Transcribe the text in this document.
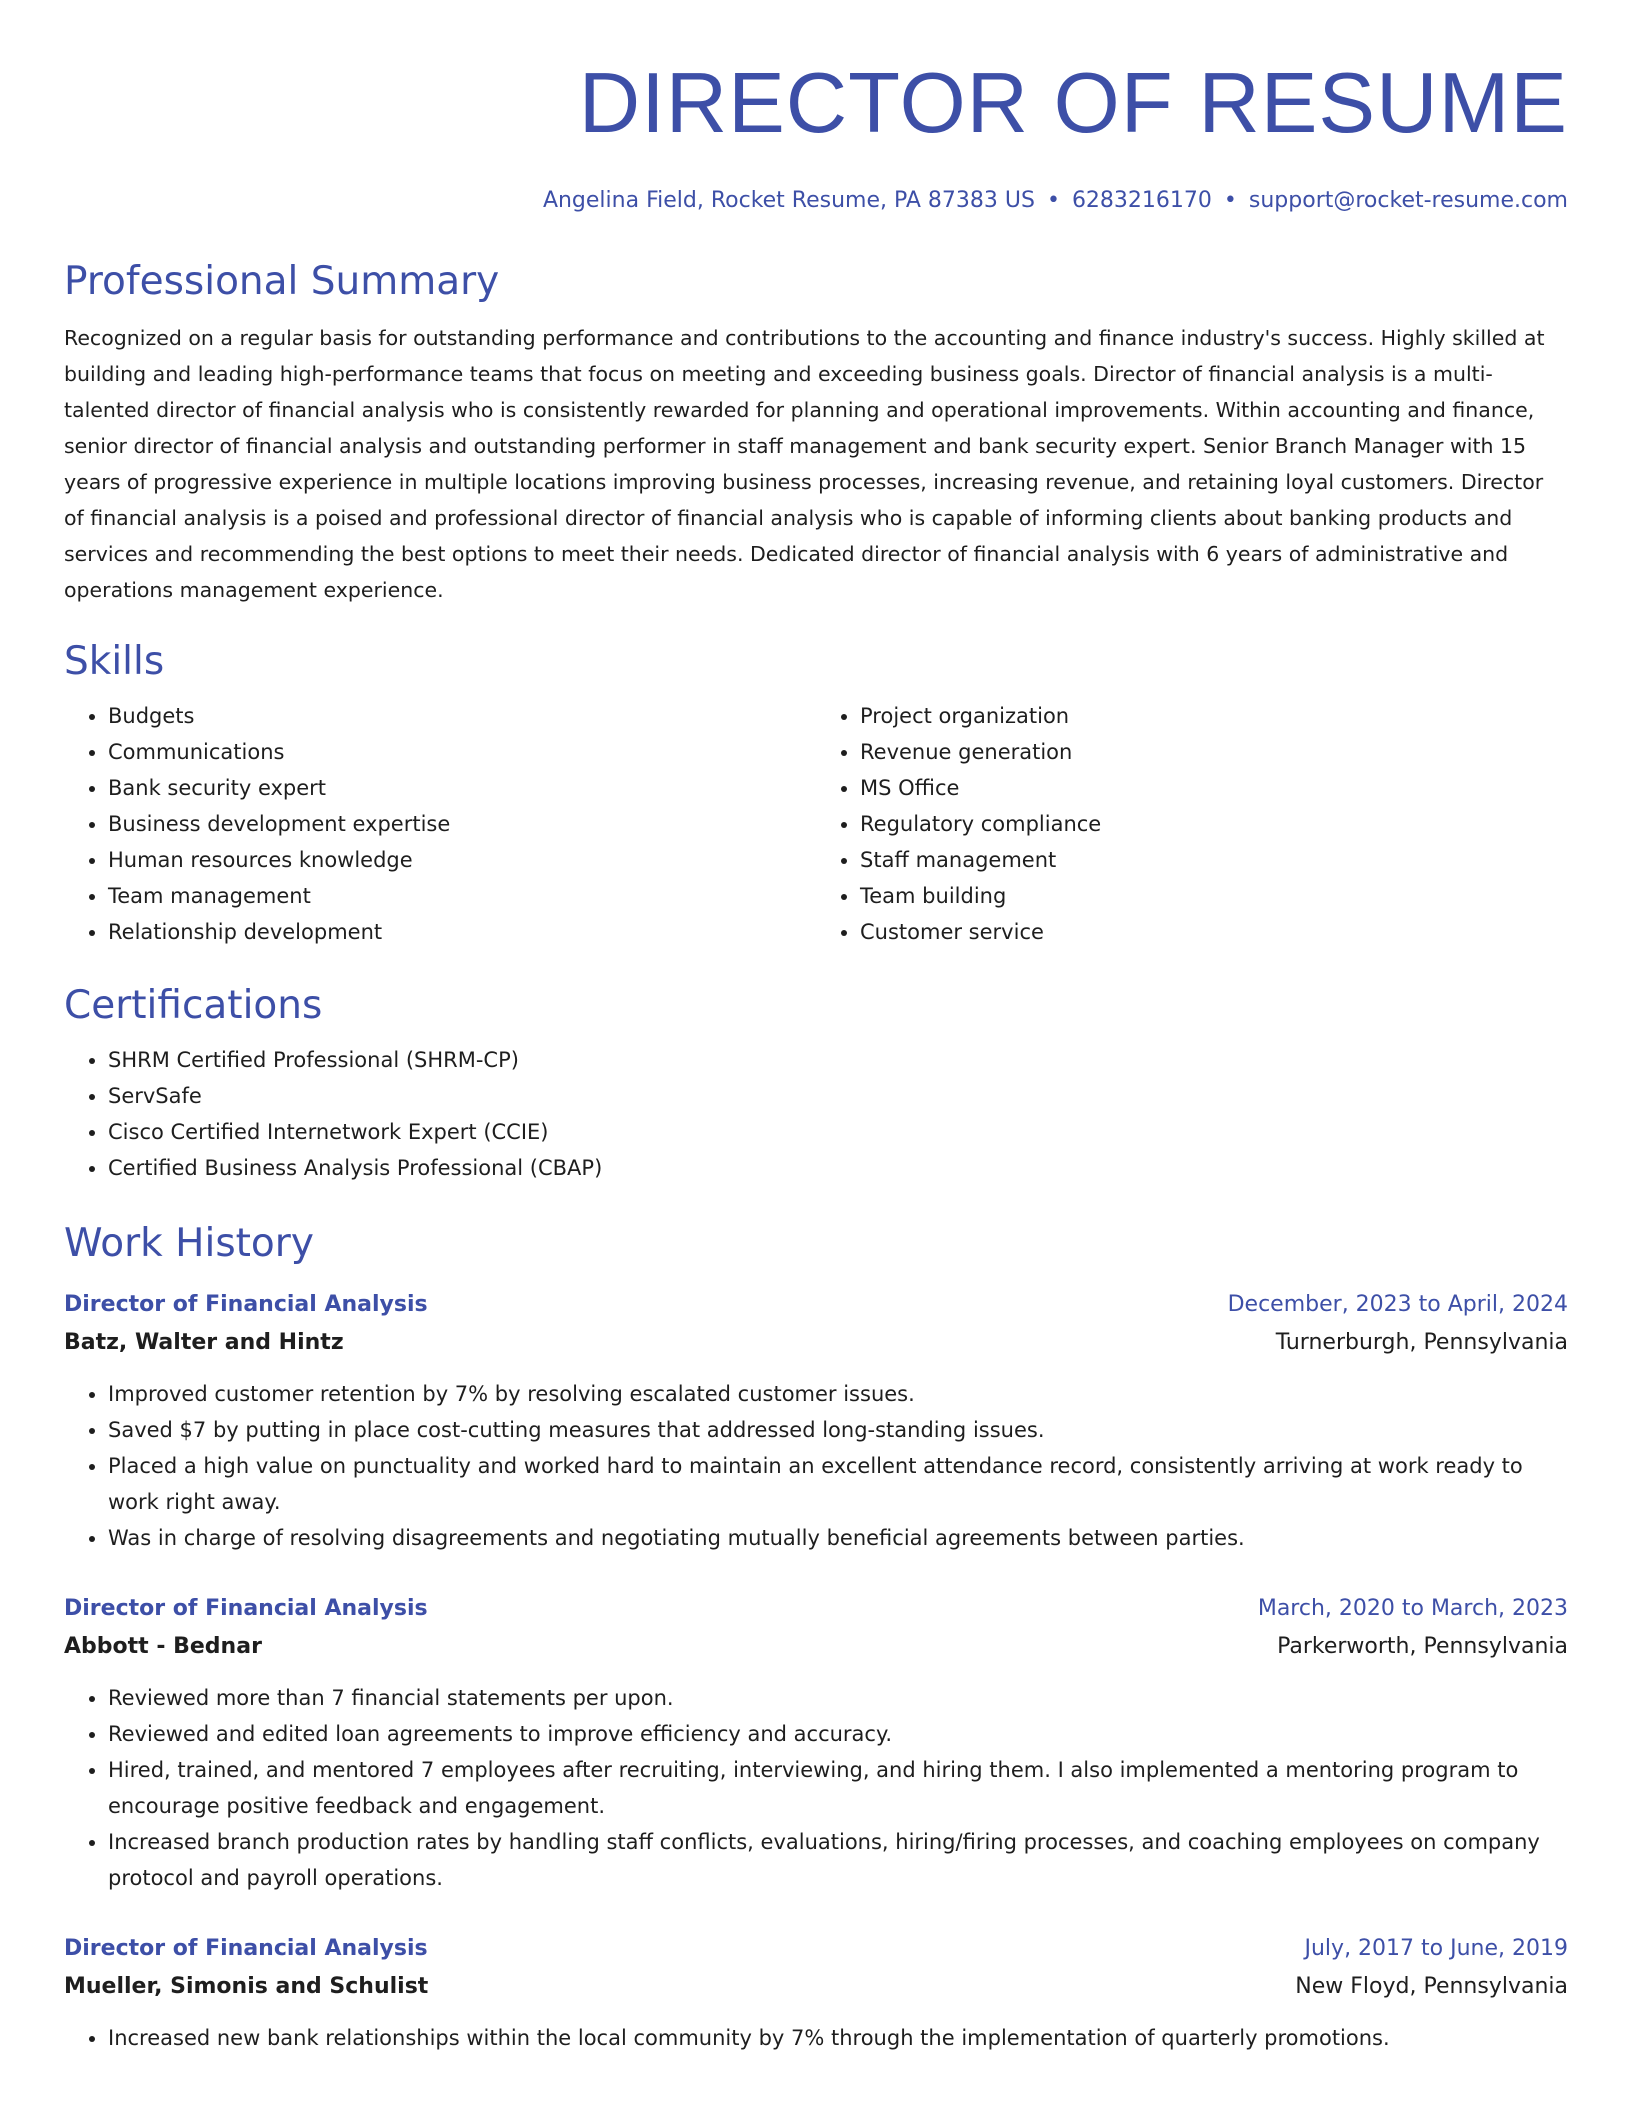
DIRECTOR OF RESUME
Angelina Field, Rocket Resume, PA 87383 US • 6283216170 • support@rocket-resume.com
Professional Summary
Recognized on a regular basis for outstanding performance and contributions to the accounting and finance industry's success. Highly skilled at building and leading high-performance teams that focus on meeting and exceeding business goals. Director of financial analysis is a multi-talented director of financial analysis who is consistently rewarded for planning and operational improvements. Within accounting and finance, senior director of financial analysis and outstanding performer in staff management and bank security expert. Senior Branch Manager with 15 years of progressive experience in multiple locations improving business processes, increasing revenue, and retaining loyal customers. Director of financial analysis is a poised and professional director of financial analysis who is capable of informing clients about banking products and services and recommending the best options to meet their needs. Dedicated director of financial analysis with 6 years of administrative and operations management experience.
Skills
• Budgets
• Communications
• Bank security expert
• Business development expertise
• Human resources knowledge
• Team management
• Relationship development
• Project organization
• Revenue generation
• MS Office
• Regulatory compliance
• Staff management
• Team building
• Customer service
Certifications
• SHRM Certified Professional (SHRM-CP)
• ServSafe
• Cisco Certified Internetwork Expert (CCIE)
• Certified Business Analysis Professional (CBAP)
Work History
Director of Financial Analysis	December, 2023 to April, 2024
Batz, Walter and Hintz	Turnerburgh, Pennsylvania
• Improved customer retention by 7% by resolving escalated customer issues.
• Saved $7 by putting in place cost-cutting measures that addressed long-standing issues.
• Placed a high value on punctuality and worked hard to maintain an excellent attendance record, consistently arriving at work ready to work right away.
• Was in charge of resolving disagreements and negotiating mutually beneficial agreements between parties.
Director of Financial Analysis	March, 2020 to March, 2023
Abbott - Bednar	Parkerworth, Pennsylvania
• Reviewed more than 7 financial statements per upon.
• Reviewed and edited loan agreements to improve efficiency and accuracy.
• Hired, trained, and mentored 7 employees after recruiting, interviewing, and hiring them. I also implemented a mentoring program to encourage positive feedback and engagement.
• Increased branch production rates by handling staff conflicts, evaluations, hiring/firing processes, and coaching employees on company protocol and payroll operations.
Director of Financial Analysis	July, 2017 to June, 2019
Mueller, Simonis and Schulist	New Floyd, Pennsylvania
• Increased new bank relationships within the local community by 7% through the implementation of quarterly promotions.
